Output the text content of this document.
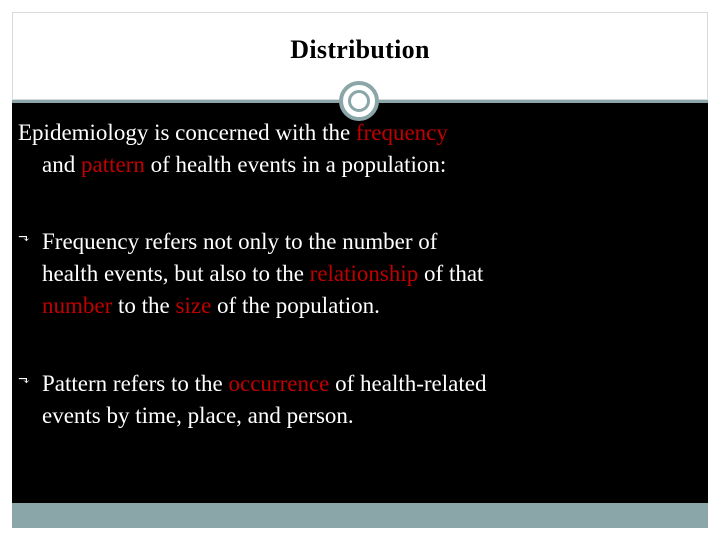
Distribution
Epidemiology is concerned with the frequency
and pattern of health events in a population:
⬎ Frequency refers not only to the number of
health events, but also to the relationship of that
number to the size of the population.
⬎ Pattern refers to the occurrence of health-related
events by time, place, and person.
